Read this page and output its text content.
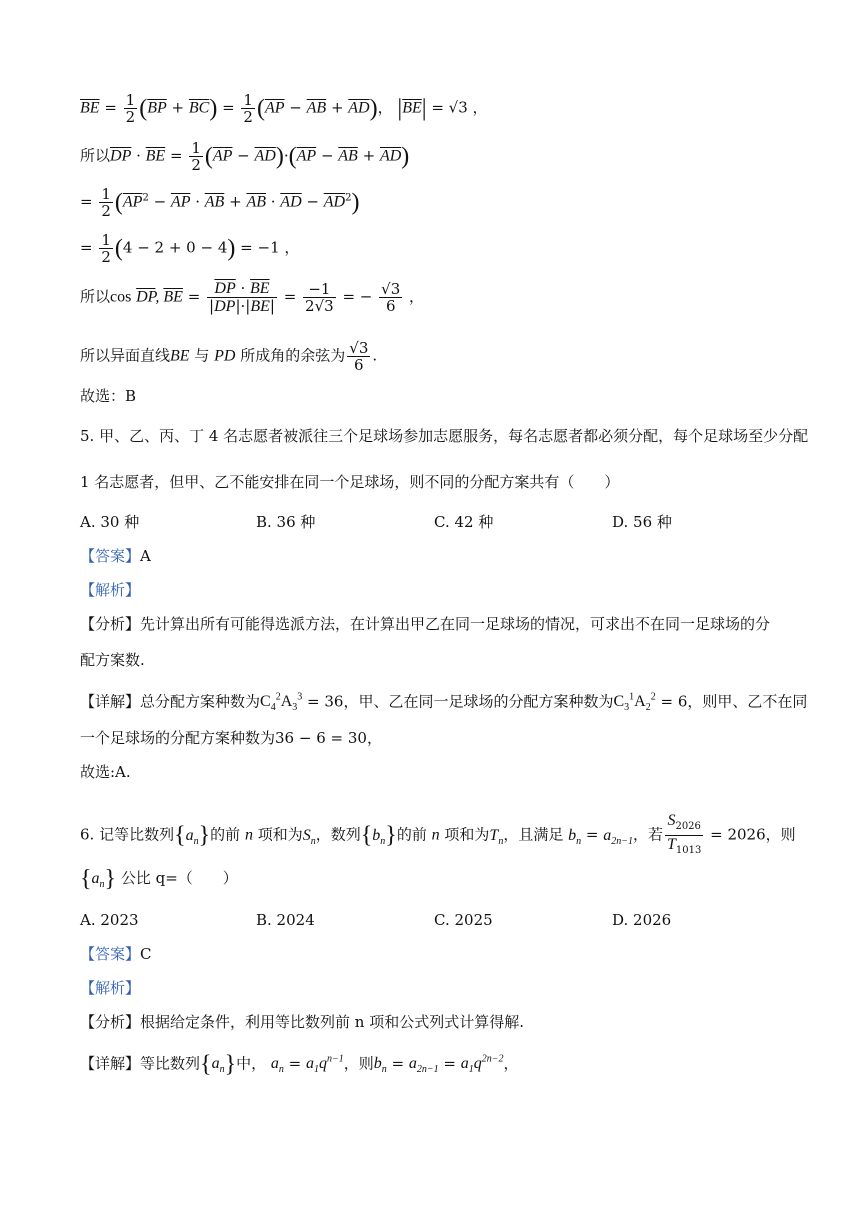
$\overline{BE} = \frac{1}{2} (\overline{BP} + \overline{BC}) = \frac{1}{2} (\overline{AP} - \overline{AB} + \overline{AD})$， $|\overline{BE}| = √3$ ，
所以$\overline{DP} \cdot \overline{BE} = \frac{1}{2} (\overline{AP} - \overline{AD})\cdot(\overline{AP} - \overline{AB} + \overline{AD})$
= $\frac{1}{2} (\overline{AP}^2 - \overline{AP} \cdot \overline{AB} + \overline{AB} \cdot \overline{AD} - \overline{AD}^2)$
= $\frac{1}{2} (4 - 2 + 0 - 4) = -1$ ，
所以$\cos \overline{DP}$, $\overline{BE} = \frac{\overline{DP} \cdot \overline{BE}}{|\overline{DP}|\cdot|\overline{BE}|} = \frac{-1}{2√3}$ = − $\frac{√3}{6}$ ，
所以异面直线BE 与 PD 所成角的余弦为 $\frac{√3}{6}$ .
故选：B
5. 甲、乙、丙、丁 4 名志愿者被派往三个足球场参加志愿服务，每名志愿者都必须分配，每个足球场至少分配
1 名志愿者，但甲、乙不能安排在同一个足球场，则不同的分配方案共有（　　）
A. 30 种	B. 36 种	C. 42 种	D. 56 种
【答案】A
【解析】
【分析】先计算出所有可能得选派方法，在计算出甲乙在同一足球场的情况，可求出不在同一足球场的分
配方案数.
【详解】总分配方案种数为$C_4^2A_3^3 = 36$，甲、乙在同一足球场的分配方案种数为$C_3^1A_2^2 = 6$，则甲、乙不在同
一个足球场的分配方案种数为36 − 6 = 30，
故选:A.
6. 记等比数列$\{a_n\}$的前 n 项和为$S_n$，数列$\{b_n\}$的前 n 项和为$T_n$，且满足 $b_n = a_{2n-1}$，若 $\frac{S_{2026}}{T_{1013}} = 2026$，则
$\{a_n\}$ 公比 q=（　　）
A. 2023	B. 2024	C. 2025	D. 2026
【答案】C
【解析】
【分析】根据给定条件，利用等比数列前 n 项和公式列式计算得解.
【详解】等比数列$\{a_n\}$中， $a_n = a_1q^{n-1}$，则$b_n = a_{2n-1} = a_1q^{2n-2}$，
